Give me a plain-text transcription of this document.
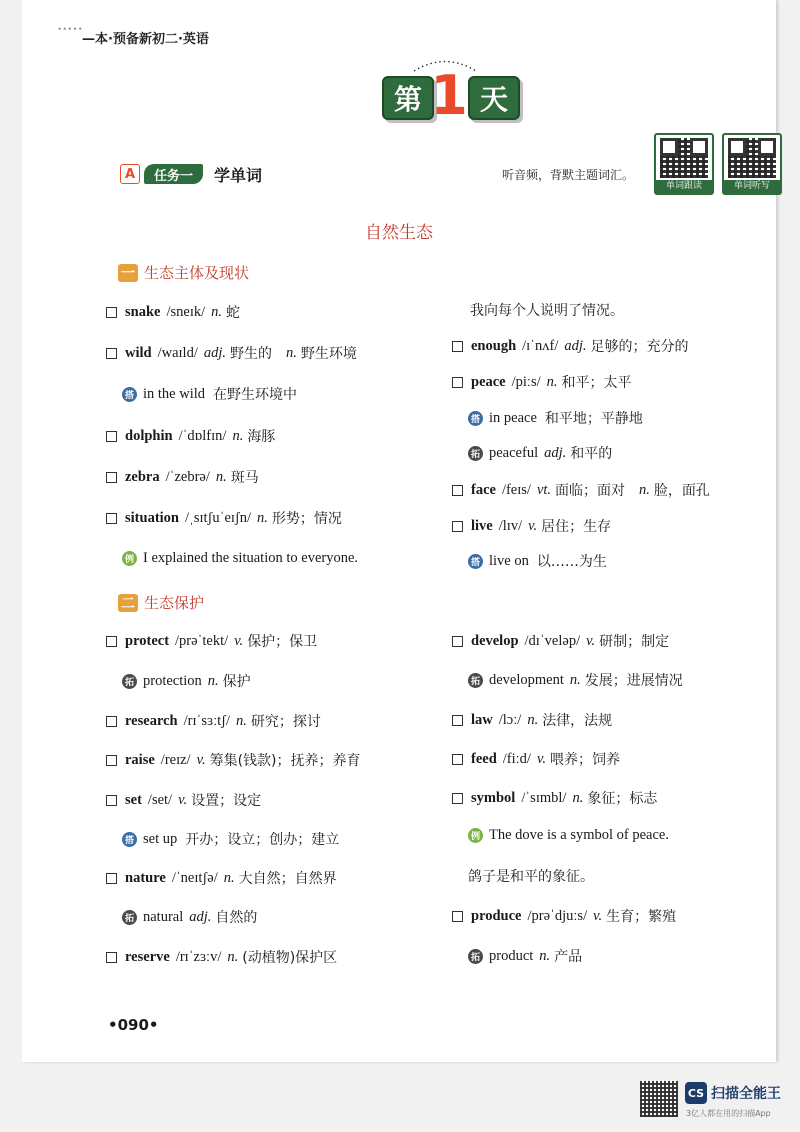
•••••
—本·预备新初二·英语
第	天
1
A	任务一	学单词	听音频，背默主题词汇。
单词跟读	单词听写
自然生态
一 生态主体及现状
snake /sneɪk/ n. 蛇
wild /waɪld/ adj. 野生的 n. 野生环境
搭 in the wild 在野生环境中
dolphin /ˈdɒlfɪn/ n. 海豚
zebra /ˈzebrə/ n. 斑马
situation /ˌsɪtʃuˈeɪʃn/ n. 形势；情况
例 I explained the situation to everyone.
我向每个人说明了情况。
enough /ɪˈnʌf/ adj. 足够的；充分的
peace /piːs/ n. 和平；太平
搭 in peace 和平地；平静地
拓 peaceful adj. 和平的
face /feɪs/ vt. 面临；面对 n. 脸，面孔
live /lɪv/ v. 居住；生存
搭 live on 以……为生
二 生态保护
protect /prəˈtekt/ v. 保护；保卫
拓 protection n. 保护
research /rɪˈsɜːtʃ/ n. 研究；探讨
raise /reɪz/ v. 筹集(钱款)；抚养；养育
set /set/ v. 设置；设定
搭 set up 开办；设立；创办；建立
nature /ˈneɪtʃə/ n. 大自然；自然界
拓 natural adj. 自然的
reserve /rɪˈzɜːv/ n. (动植物)保护区
develop /dɪˈveləp/ v. 研制；制定
拓 development n. 发展；进展情况
law /lɔː/ n. 法律，法规
feed /fiːd/ v. 喂养；饲养
symbol /ˈsɪmbl/ n. 象征；标志
例 The dove is a symbol of peace.
鸽子是和平的象征。
produce /prəˈdjuːs/ v. 生育；繁殖
拓 product n. 产品
•090•
CS 扫描全能王
3亿人都在用的扫描App
